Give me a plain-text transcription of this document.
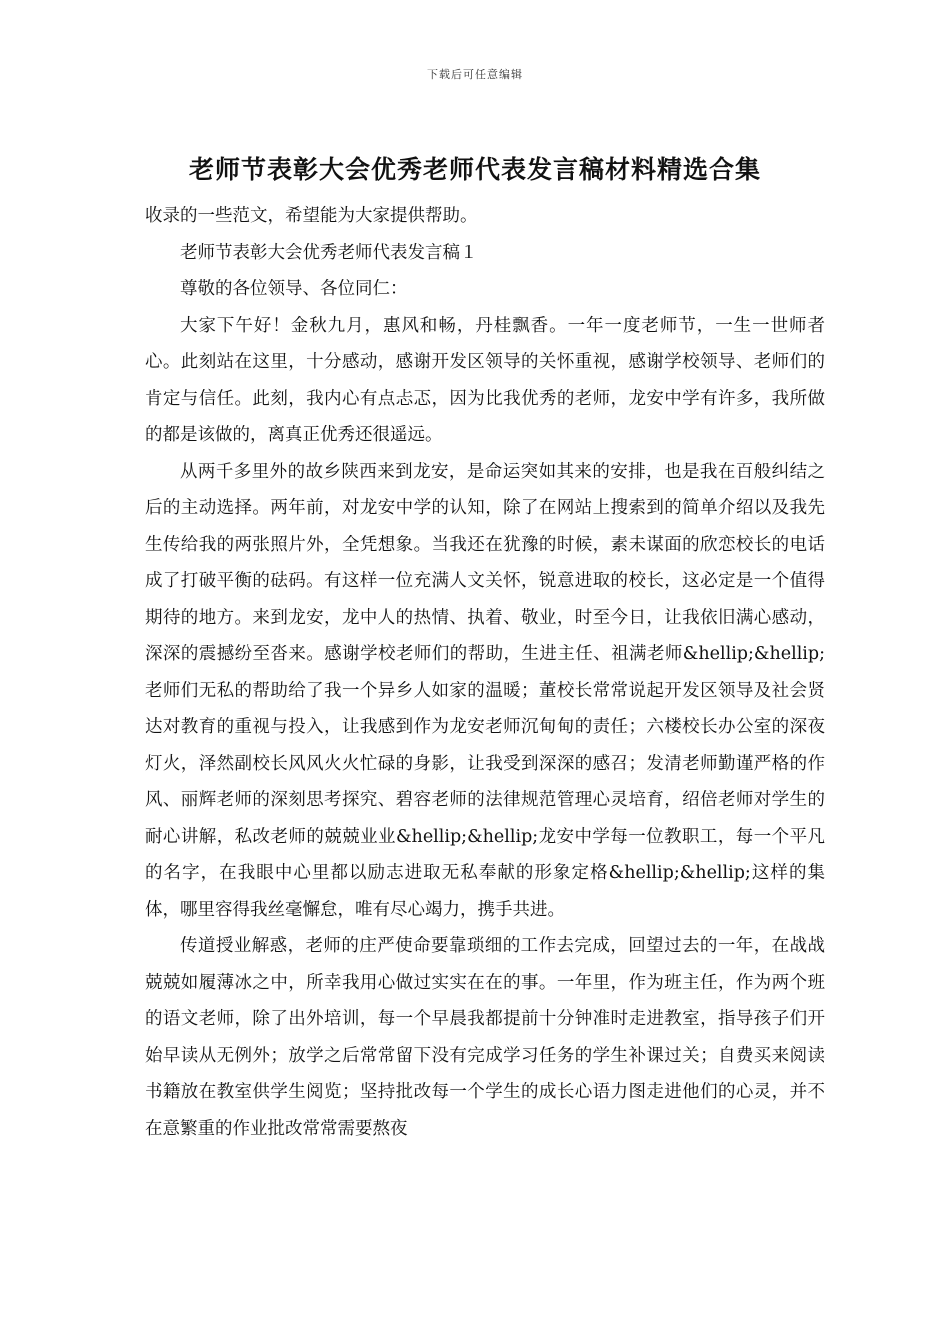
下载后可任意编辑
老师节表彰大会优秀老师代表发言稿材料精选合集

收录的一些范文，希望能为大家提供帮助。

老师节表彰大会优秀老师代表发言稿１

尊敬的各位领导、各位同仁：

大家下午好！金秋九月，惠风和畅，丹桂飘香。一年一度老师节，一生一世师者心。此刻站在这里，十分感动，感谢开发区领导的关怀重视，感谢学校领导、老师们的肯定与信任。此刻，我内心有点忐忑，因为比我优秀的老师，龙安中学有许多，我所做的都是该做的，离真正优秀还很遥远。

从两千多里外的故乡陕西来到龙安，是命运突如其来的安排，也是我在百般纠结之后的主动选择。两年前，对龙安中学的认知，除了在网站上搜索到的简单介绍以及我先生传给我的两张照片外，全凭想象。当我还在犹豫的时候，素未谋面的欣恋校长的电话成了打破平衡的砝码。有这样一位充满人文关怀，锐意进取的校长，这必定是一个值得期待的地方。来到龙安，龙中人的热情、执着、敬业，时至今日，让我依旧满心感动，深深的震撼纷至沓来。感谢学校老师们的帮助，生进主任、祖满老师&hellip;&hellip;老师们无私的帮助给了我一个异乡人如家的温暖；董校长常常说起开发区领导及社会贤达对教育的重视与投入，让我感到作为龙安老师沉甸甸的责任；六楼校长办公室的深夜灯火，泽然副校长风风火火忙碌的身影，让我受到深深的感召；发清老师勤谨严格的作风、丽辉老师的深刻思考探究、碧容老师的法律规范管理心灵培育，绍倍老师对学生的耐心讲解，私改老师的兢兢业业&hellip;&hellip;龙安中学每一位教职工，每一个平凡的名字，在我眼中心里都以励志进取无私奉献的形象定格&hellip;&hellip;这样的集体，哪里容得我丝毫懈怠，唯有尽心竭力，携手共进。

传道授业解惑，老师的庄严使命要靠琐细的工作去完成，回望过去的一年，在战战兢兢如履薄冰之中，所幸我用心做过实实在在的事。一年里，作为班主任，作为两个班的语文老师，除了出外培训，每一个早晨我都提前十分钟准时走进教室，指导孩子们开始早读从无例外；放学之后常常留下没有完成学习任务的学生补课过关；自费买来阅读书籍放在教室供学生阅览；坚持批改每一个学生的成长心语力图走进他们的心灵，并不在意繁重的作业批改常常需要熬夜
